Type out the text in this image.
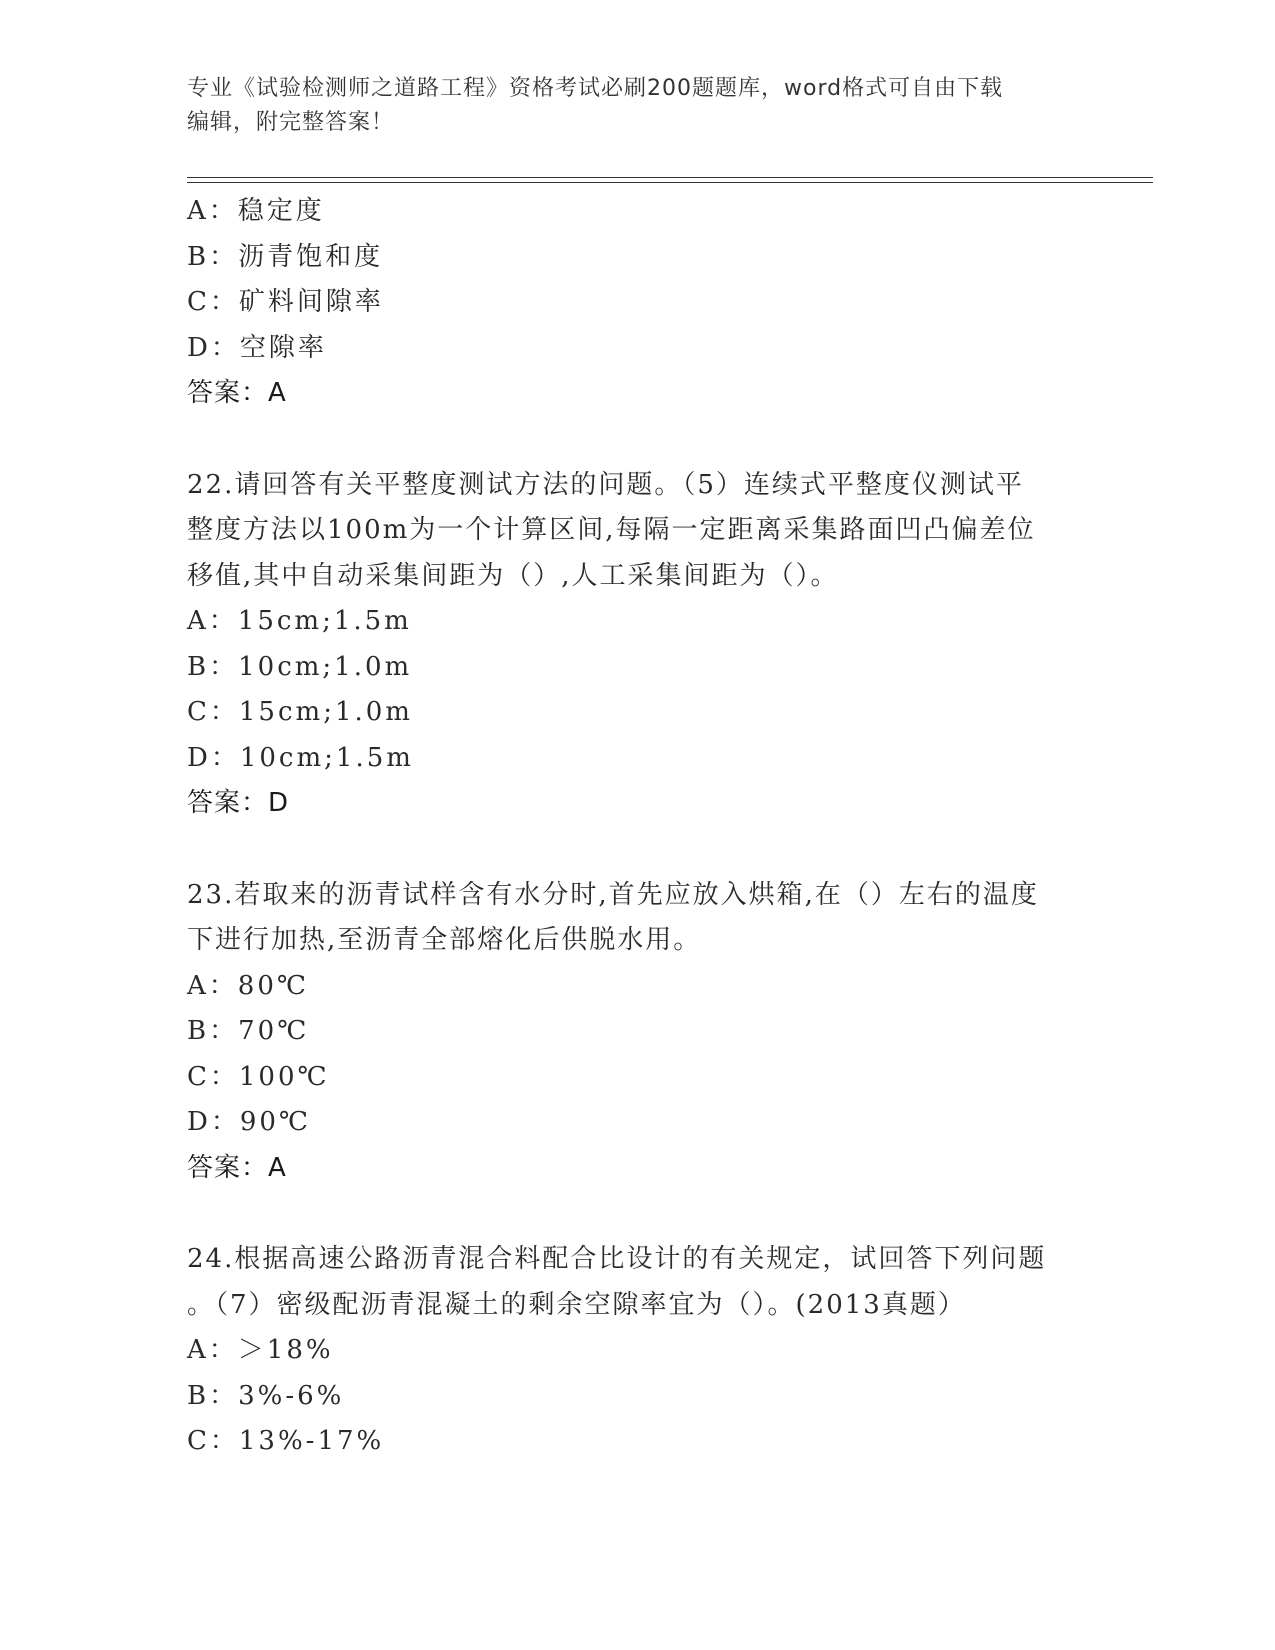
专业《试验检测师之道路工程》资格考试必刷200题题库，word格式可自由下载
编辑，附完整答案！
A：稳定度
B：沥青饱和度
C：矿料间隙率
D：空隙率
答案：A
22.请回答有关平整度测试方法的问题。（5）连续式平整度仪测试平
整度方法以100m为一个计算区间,每隔一定距离采集路面凹凸偏差位
移值,其中自动采集间距为（）,人工采集间距为（）。
A：15cm;1.5m
B：10cm;1.0m
C：15cm;1.0m
D：10cm;1.5m
答案：D
23.若取来的沥青试样含有水分时,首先应放入烘箱,在（）左右的温度
下进行加热,至沥青全部熔化后供脱水用。
A：80℃
B：70℃
C：100℃
D：90℃
答案：A
24.根据高速公路沥青混合料配合比设计的有关规定，试回答下列问题
。（7）密级配沥青混凝土的剩余空隙率宜为（）。(2013真题）
A：＞18%
B：3%-6%
C：13%-17%
